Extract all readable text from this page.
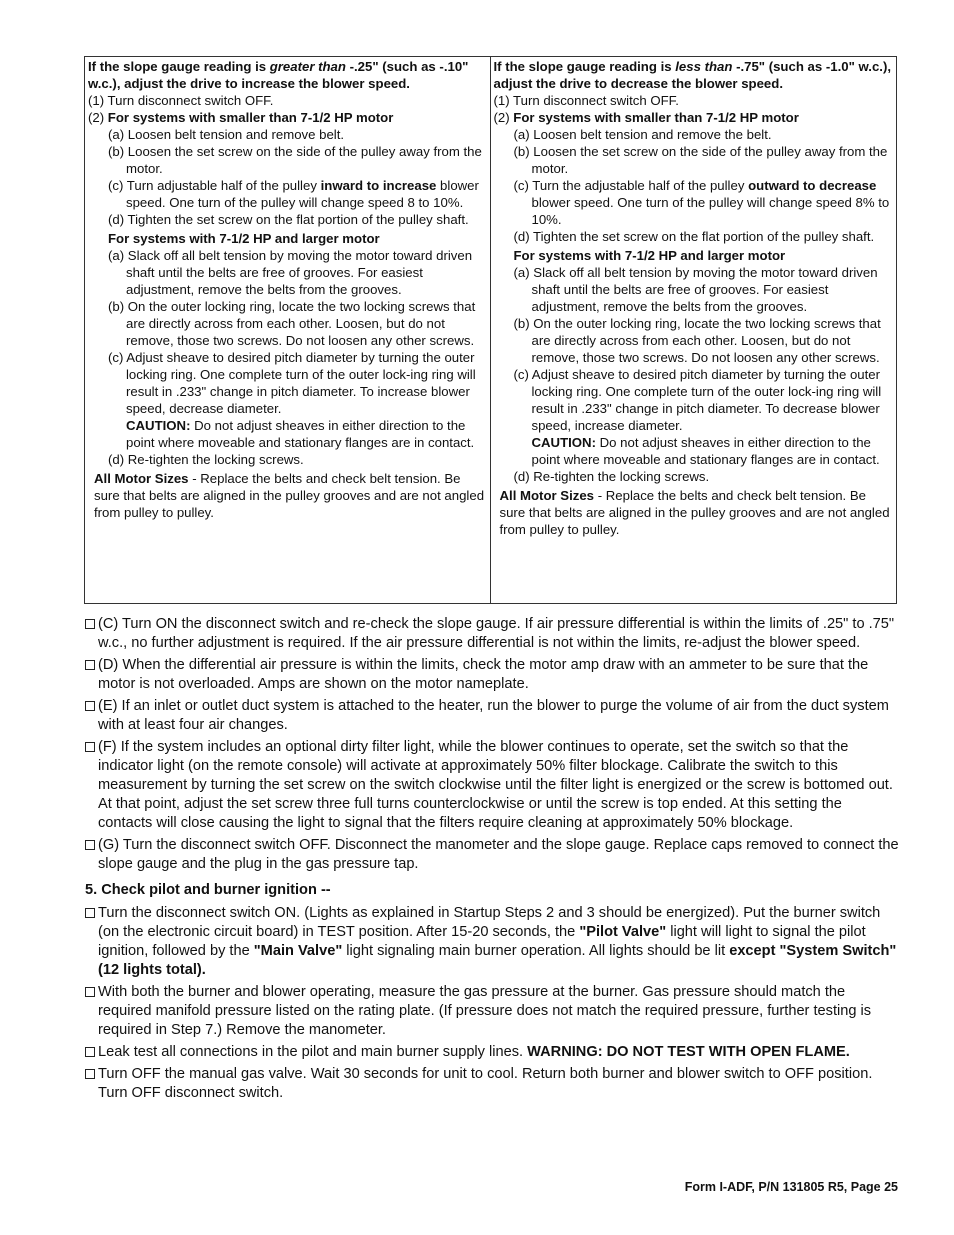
If the slope gauge reading is greater than -.25" (such as -.10" w.c.), adjust the drive to increase the blower speed.

(1) Turn disconnect switch OFF.

(2) For systems with smaller than 7-1/2 HP motor

(a) Loosen belt tension and remove belt.

(b) Loosen the set screw on the side of the pulley away from the motor.

(c) Turn adjustable half of the pulley inward to increase blower speed. One turn of the pulley will change speed 8 to 10%.

(d) Tighten the set screw on the flat portion of the pulley shaft.

For systems with 7-1/2 HP and larger motor

(a) Slack off all belt tension by moving the motor toward driven shaft until the belts are free of grooves. For easiest adjustment, remove the belts from the grooves.

(b) On the outer locking ring, locate the two locking screws that are directly across from each other. Loosen, but do not remove, those two screws. Do not loosen any other screws.

(c) Adjust sheave to desired pitch diameter by turning the outer locking ring. One complete turn of the outer lock-ing ring will result in .233" change in pitch diameter. To increase blower speed, decrease diameter.

CAUTION: Do not adjust sheaves in either direction to the point where moveable and stationary flanges are in contact.

(d) Re-tighten the locking screws.

All Motor Sizes - Replace the belts and check belt tension. Be sure that belts are aligned in the pulley grooves and are not angled from pulley to pulley.

If the slope gauge reading is less than -.75" (such as -1.0" w.c.), adjust the drive to decrease the blower speed.

(1) Turn disconnect switch OFF.

(2) For systems with smaller than 7-1/2 HP motor

(a) Loosen belt tension and remove the belt.

(b) Loosen the set screw on the side of the pulley away from the motor.

(c) Turn the adjustable half of the pulley outward to decrease blower speed. One turn of the pulley will change speed 8% to 10%.

(d) Tighten the set screw on the flat portion of the pulley shaft.

For systems with 7-1/2 HP and larger motor

(a) Slack off all belt tension by moving the motor toward driven shaft until the belts are free of grooves. For easiest adjustment, remove the belts from the grooves.

(b) On the outer locking ring, locate the two locking screws that are directly across from each other. Loosen, but do not remove, those two screws. Do not loosen any other screws.

(c) Adjust sheave to desired pitch diameter by turning the outer locking ring. One complete turn of the outer lock-ing ring will result in .233" change in pitch diameter. To decrease blower speed, increase diameter.

CAUTION: Do not adjust sheaves in either direction to the point where moveable and stationary flanges are in contact.

(d) Re-tighten the locking screws.

All Motor Sizes - Replace the belts and check belt tension. Be sure that belts are aligned in the pulley grooves and are not angled from pulley to pulley.

(C) Turn ON the disconnect switch and re-check the slope gauge. If air pressure differential is within the limits of .25" to .75" w.c., no further adjustment is required. If the air pressure differential is not within the limits, re-adjust the blower speed.
(D) When the differential air pressure is within the limits, check the motor amp draw with an ammeter to be sure that the motor is not overloaded. Amps are shown on the motor nameplate.
(E) If an inlet or outlet duct system is attached to the heater, run the blower to purge the volume of air from the duct system with at least four air changes.
(F) If the system includes an optional dirty filter light, while the blower continues to operate, set the switch so that the indicator light (on the remote console) will activate at approximately 50% filter blockage. Calibrate the switch to this measurement by turning the set screw on the switch clockwise until the filter light is energized or the screw is bottomed out. At that point, adjust the set screw three full turns counterclockwise or until the screw is top ended. At this setting the contacts will close causing the light to signal that the filters require cleaning at approximately 50% blockage.
(G) Turn the disconnect switch OFF. Disconnect the manometer and the slope gauge. Replace caps removed to connect the slope gauge and the plug in the gas pressure tap.
5. Check pilot and burner ignition --
Turn the disconnect switch ON. (Lights as explained in Startup Steps 2 and 3 should be energized). Put the burner switch (on the electronic circuit board) in TEST position. After 15-20 seconds, the "Pilot Valve" light will light to signal the pilot ignition, followed by the "Main Valve" light signaling main burner operation. All lights should be lit except "System Switch" (12 lights total).
With both the burner and blower operating, measure the gas pressure at the burner. Gas pressure should match the required manifold pressure listed on the rating plate. (If pressure does not match the required pressure, further testing is required in Step 7.) Remove the manometer.
Leak test all connections in the pilot and main burner supply lines. WARNING: DO NOT TEST WITH OPEN FLAME.
Turn OFF the manual gas valve. Wait 30 seconds for unit to cool. Return both burner and blower switch to OFF position. Turn OFF disconnect switch.
Form I-ADF, P/N 131805 R5, Page 25
